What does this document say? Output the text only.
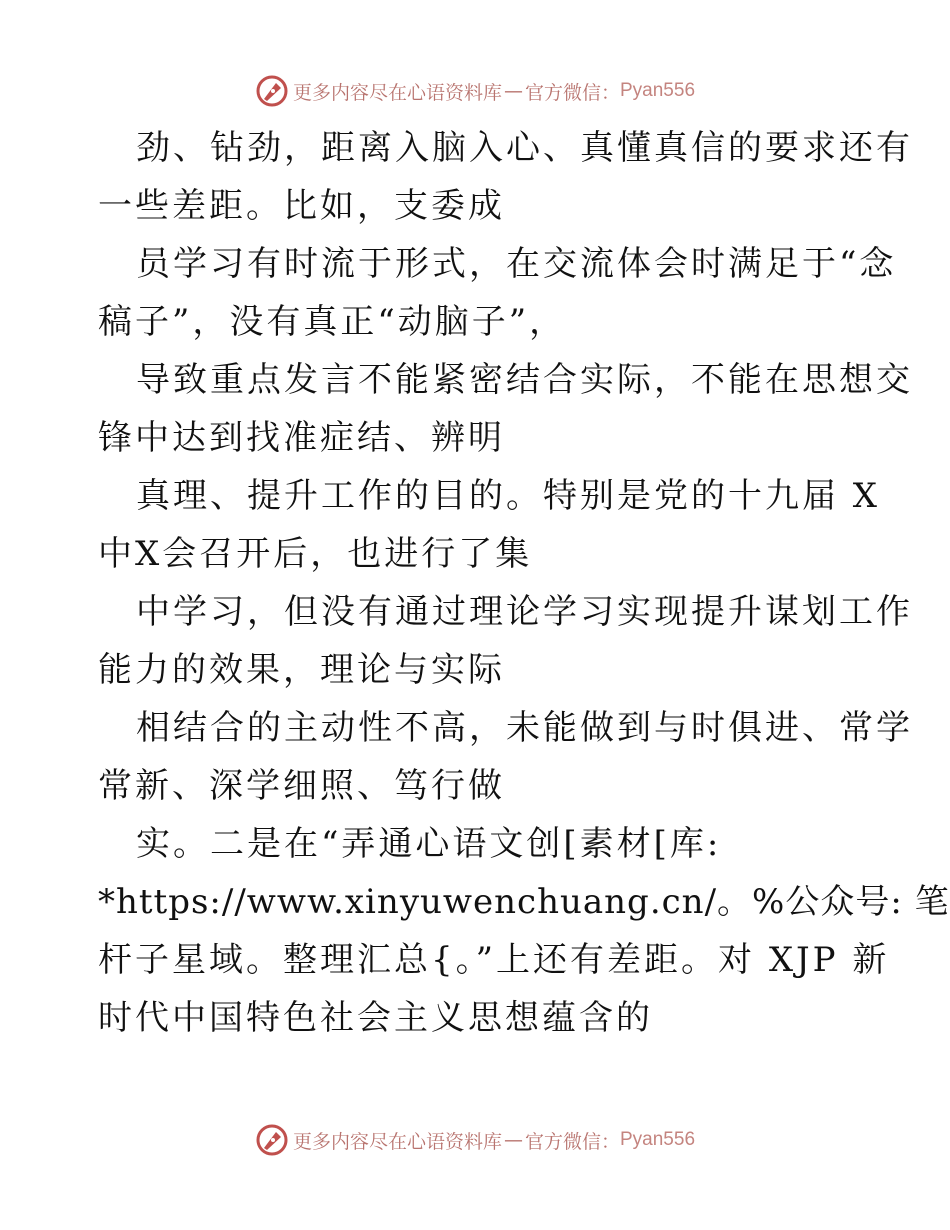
更多内容尽在心语资料库 — 官方微信： Pyan556
劲、钻劲，距离入脑入心、真懂真信的要求还有
一些差距。比如，支委成
员学习有时流于形式，在交流体会时满足于“念
稿子”，没有真正“动脑子”，
导致重点发言不能紧密结合实际，不能在思想交
锋中达到找准症结、辨明
真理、提升工作的目的。特别是党的十九届 X
中X会召开后，也进行了集
中学习，但没有通过理论学习实现提升谋划工作
能力的效果，理论与实际
相结合的主动性不高，未能做到与时俱进、常学
常新、深学细照、笃行做
实。二是在“弄通心语文创[素材[库:
*https://www.xinyuwenchuang.cn/。%公众号: 笔
杆子星域。整理汇总{。”上还有差距。对 XJP 新
时代中国特色社会主义思想蕴含的
更多内容尽在心语资料库 — 官方微信： Pyan556
